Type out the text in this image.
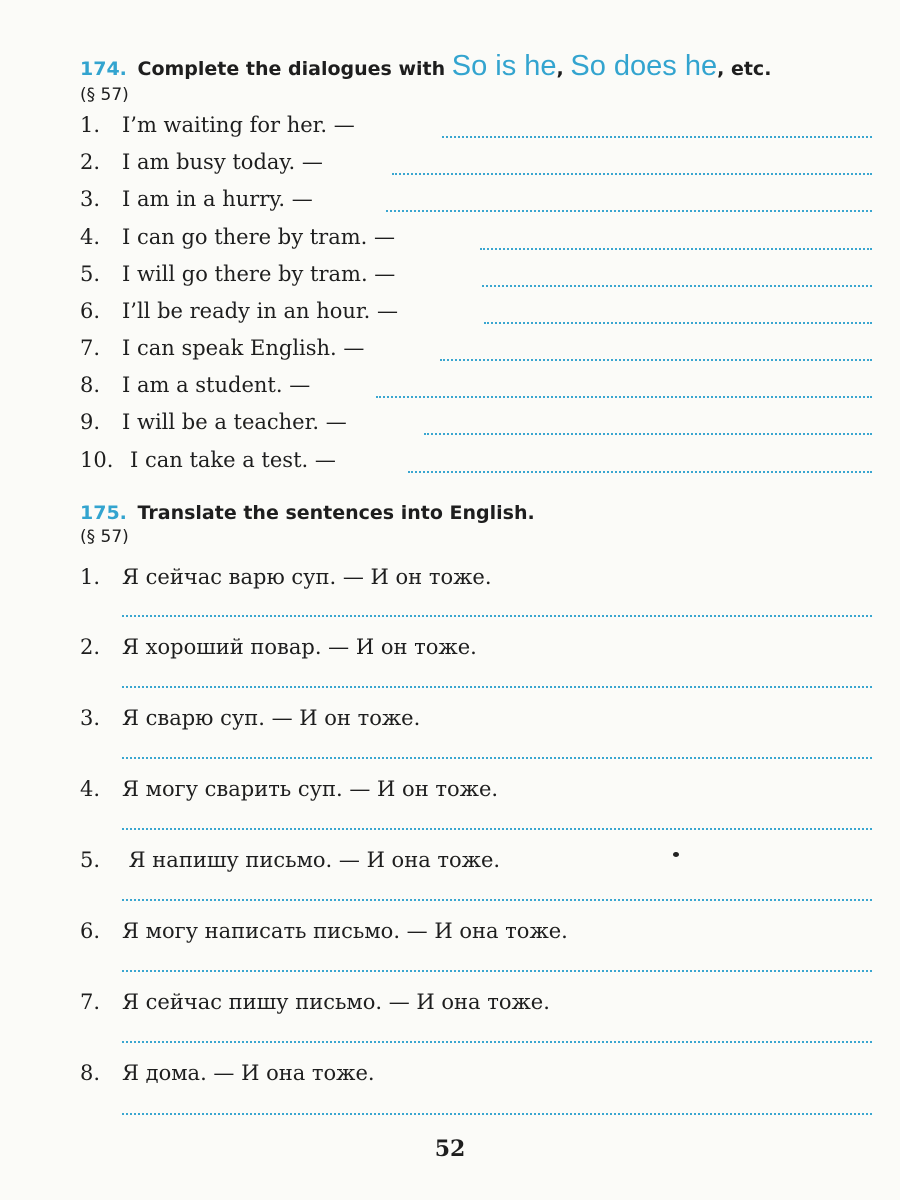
174. Complete the dialogues with So is he, So does he, etc.
(§ 57)
1. I’m waiting for her. —
2. I am busy today. —
3. I am in a hurry. —
4. I can go there by tram. —
5. I will go there by tram. —
6. I’ll be ready in an hour. —
7. I can speak English. —
8. I am a student. —
9. I will be a teacher. —
10. I can take a test. —
175. Translate the sentences into English.
(§ 57)
1. Я сейчас варю суп. — И он тоже.
2. Я хороший повар. — И он тоже.
3. Я сварю суп. — И он тоже.
4. Я могу сварить суп. — И он тоже.
5. Я напишу письмо. — И она тоже.
6. Я могу написать письмо. — И она тоже.
7. Я сейчас пишу письмо. — И она тоже.
8. Я дома. — И она тоже.
52
